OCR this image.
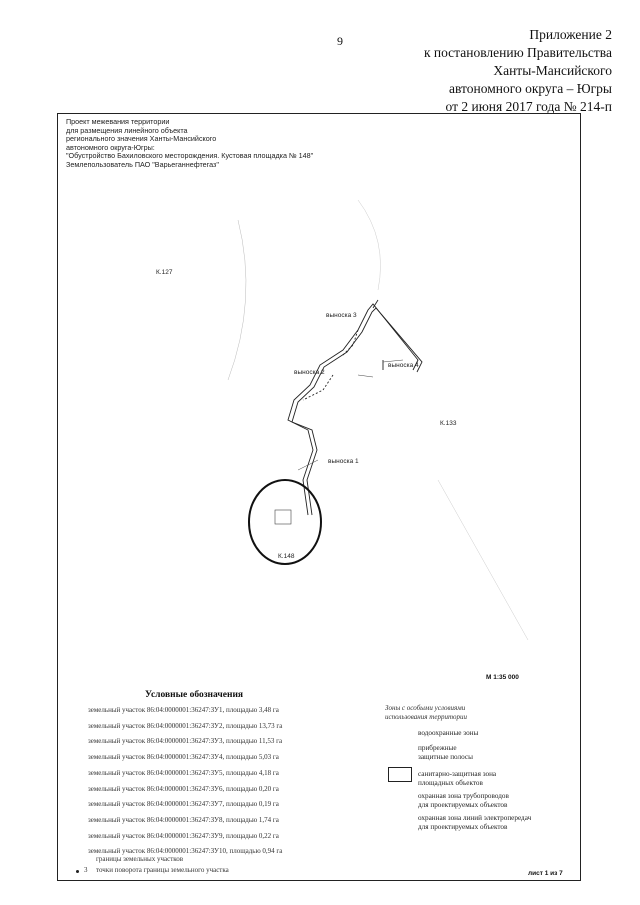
9	Приложение 2
к постановлению Правительства
Ханты-Мансийского
автономного округа – Югры
от 2 июня 2017 года № 214-п
Проект межевания территории
для размещения линейного объекта
регионального значения Ханты-Мансийского
автономного округа-Югры:
"Обустройство Бахиловского месторождения. Кустовая площадка № 148"
Землепользователь ПАО "Варьеганнефтегаз"
К.127
К.133
К.148
выноска 1
выноска 2
выноска 3
выноска 4
М 1:35 000
Условные обозначения
земельный участок 86:04:0000001:36247:ЗУ1, площадью 3,48 га
земельный участок 86:04:0000001:36247:ЗУ2, площадью 13,73 га
земельный участок 86:04:0000001:36247:ЗУ3, площадью 11,53 га
земельный участок 86:04:0000001:36247:ЗУ4, площадью 5,03 га
земельный участок 86:04:0000001:36247:ЗУ5, площадью 4,18 га
земельный участок 86:04:0000001:36247:ЗУ6, площадью 0,20 га
земельный участок 86:04:0000001:36247:ЗУ7, площадью 0,19 га
земельный участок 86:04:0000001:36247:ЗУ8, площадью 1,74 га
земельный участок 86:04:0000001:36247:ЗУ9, площадью 0,22 га
земельный участок 86:04:0000001:36247:ЗУ10, площадью 0,94 га
границы земельных участков
3 точки поворота границы земельного участка
Зоны с особыми условиями
использования территории
водоохранные зоны
прибрежные
защитные полосы
санитарно-защитная зона
площадных объектов
охранная зона трубопроводов
для проектируемых объектов
охранная зона линий электропередач
для проектируемых объектов
лист 1 из 7
